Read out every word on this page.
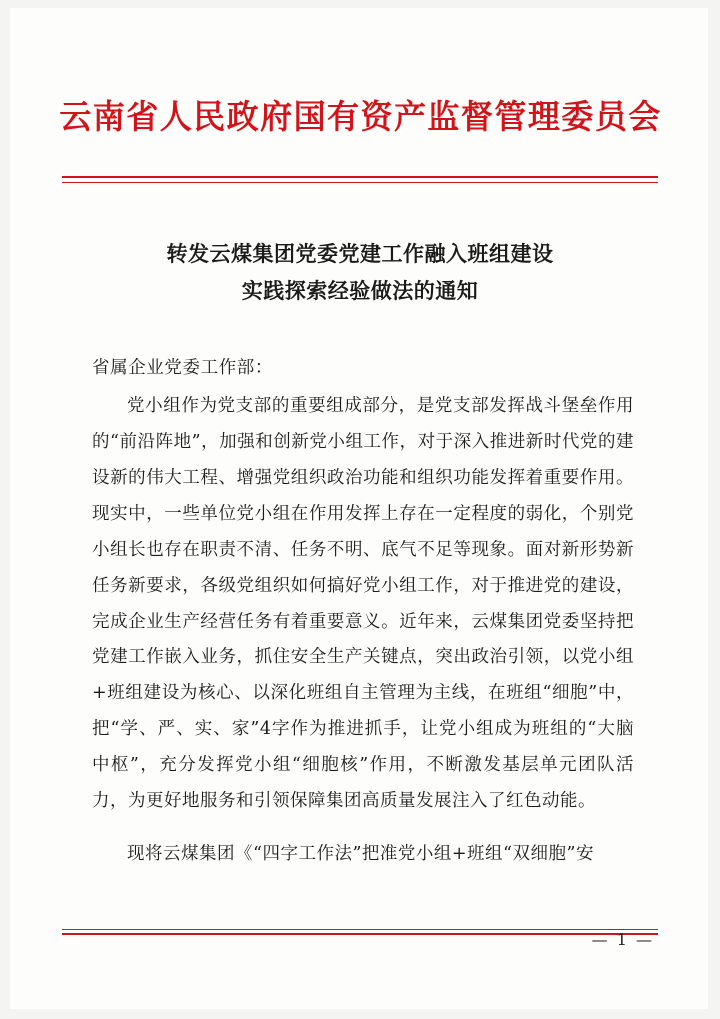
云南省人民政府国有资产监督管理委员会
转发云煤集团党委党建工作融入班组建设
实践探索经验做法的通知
省属企业党委工作部：

党小组作为党支部的重要组成部分，是党支部发挥战斗堡垒作用的“前沿阵地”，加强和创新党小组工作，对于深入推进新时代党的建设新的伟大工程、增强党组织政治功能和组织功能发挥着重要作用。现实中，一些单位党小组在作用发挥上存在一定程度的弱化，个别党小组长也存在职责不清、任务不明、底气不足等现象。面对新形势新任务新要求，各级党组织如何搞好党小组工作，对于推进党的建设，完成企业生产经营任务有着重要意义。近年来，云煤集团党委坚持把党建工作嵌入业务，抓住安全生产关键点，突出政治引领，以党小组+班组建设为核心、以深化班组自主管理为主线，在班组“细胞”中，把“学、严、实、家”4字作为推进抓手，让党小组成为班组的“大脑中枢”，充分发挥党小组“细胞核”作用，不断激发基层单元团队活力，为更好地服务和引领保障集团高质量发展注入了红色动能。

现将云煤集团《“四字工作法”把准党小组+班组“双细胞”安

— 1 —
